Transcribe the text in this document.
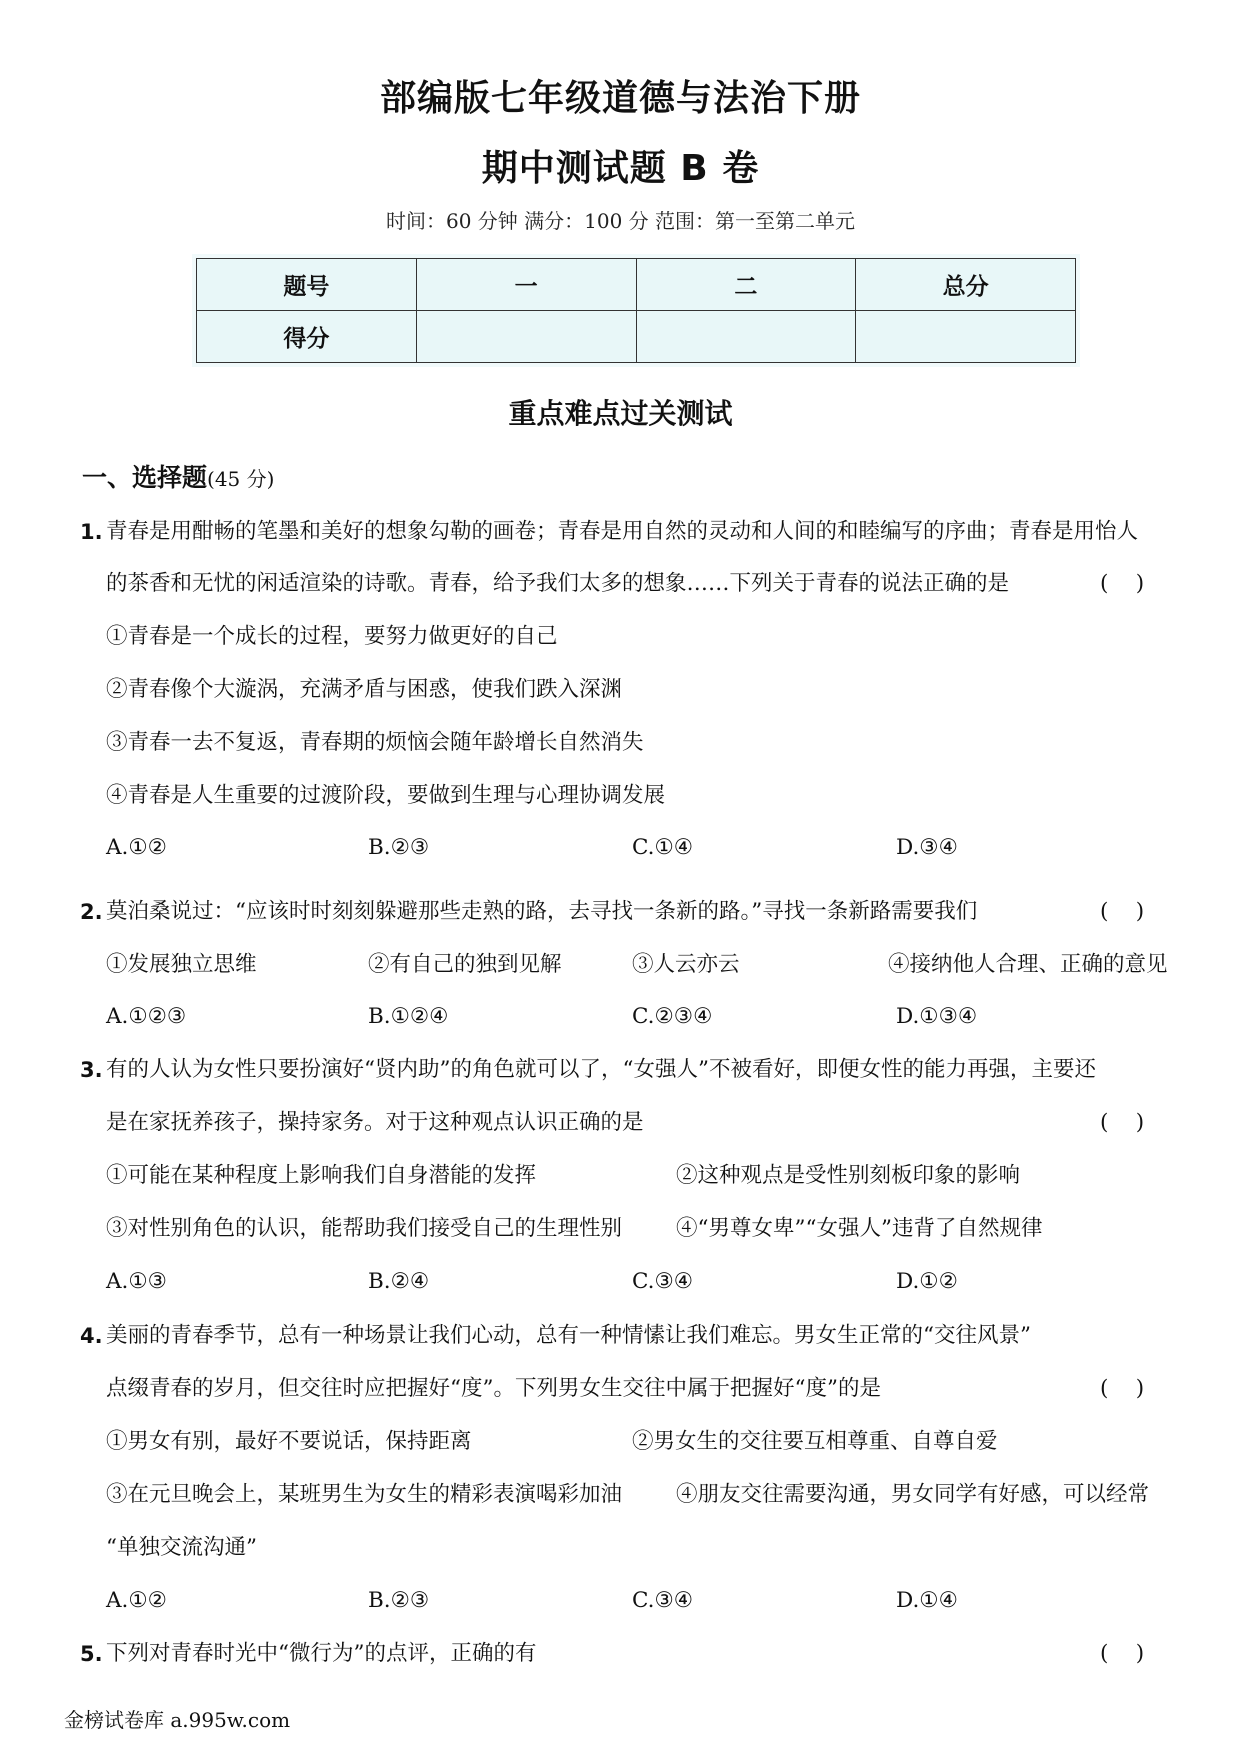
部编版七年级道德与法治下册
期中测试题 B 卷
时间：60 分钟 满分：100 分 范围：第一至第二单元
题号	一	二	总分
得分			
重点难点过关测试
一、选择题(45 分)
1. 青春是用酣畅的笔墨和美好的想象勾勒的画卷；青春是用自然的灵动和人间的和睦编写的序曲；青春是用怡人
的茶香和无忧的闲适渲染的诗歌。青春，给予我们太多的想象……下列关于青春的说法正确的是	(    )
①青春是一个成长的过程，要努力做更好的自己
②青春像个大漩涡，充满矛盾与困惑，使我们跌入深渊
③青春一去不复返，青春期的烦恼会随年龄增长自然消失
④青春是人生重要的过渡阶段，要做到生理与心理协调发展
A.①②	B.②③	C.①④	D.③④
2. 莫泊桑说过：“应该时时刻刻躲避那些走熟的路，去寻找一条新的路。”寻找一条新路需要我们	(    )
①发展独立思维	②有自己的独到见解	③人云亦云	④接纳他人合理、正确的意见
A.①②③	B.①②④	C.②③④	D.①③④
3. 有的人认为女性只要扮演好“贤内助”的角色就可以了，“女强人”不被看好，即便女性的能力再强，主要还
是在家抚养孩子，操持家务。对于这种观点认识正确的是	(    )
①可能在某种程度上影响我们自身潜能的发挥	②这种观点是受性别刻板印象的影响
③对性别角色的认识，能帮助我们接受自己的生理性别	④“男尊女卑”“女强人”违背了自然规律
A.①③	B.②④	C.③④	D.①②
4. 美丽的青春季节，总有一种场景让我们心动，总有一种情愫让我们难忘。男女生正常的“交往风景”
点缀青春的岁月，但交往时应把握好“度”。下列男女生交往中属于把握好“度”的是	(    )
①男女有别，最好不要说话，保持距离	②男女生的交往要互相尊重、自尊自爱
③在元旦晚会上，某班男生为女生的精彩表演喝彩加油	④朋友交往需要沟通，男女同学有好感，可以经常
“单独交流沟通”
A.①②	B.②③	C.③④	D.①④
5. 下列对青春时光中“微行为”的点评，正确的有	(    )
金榜试卷库 a.995w.com
